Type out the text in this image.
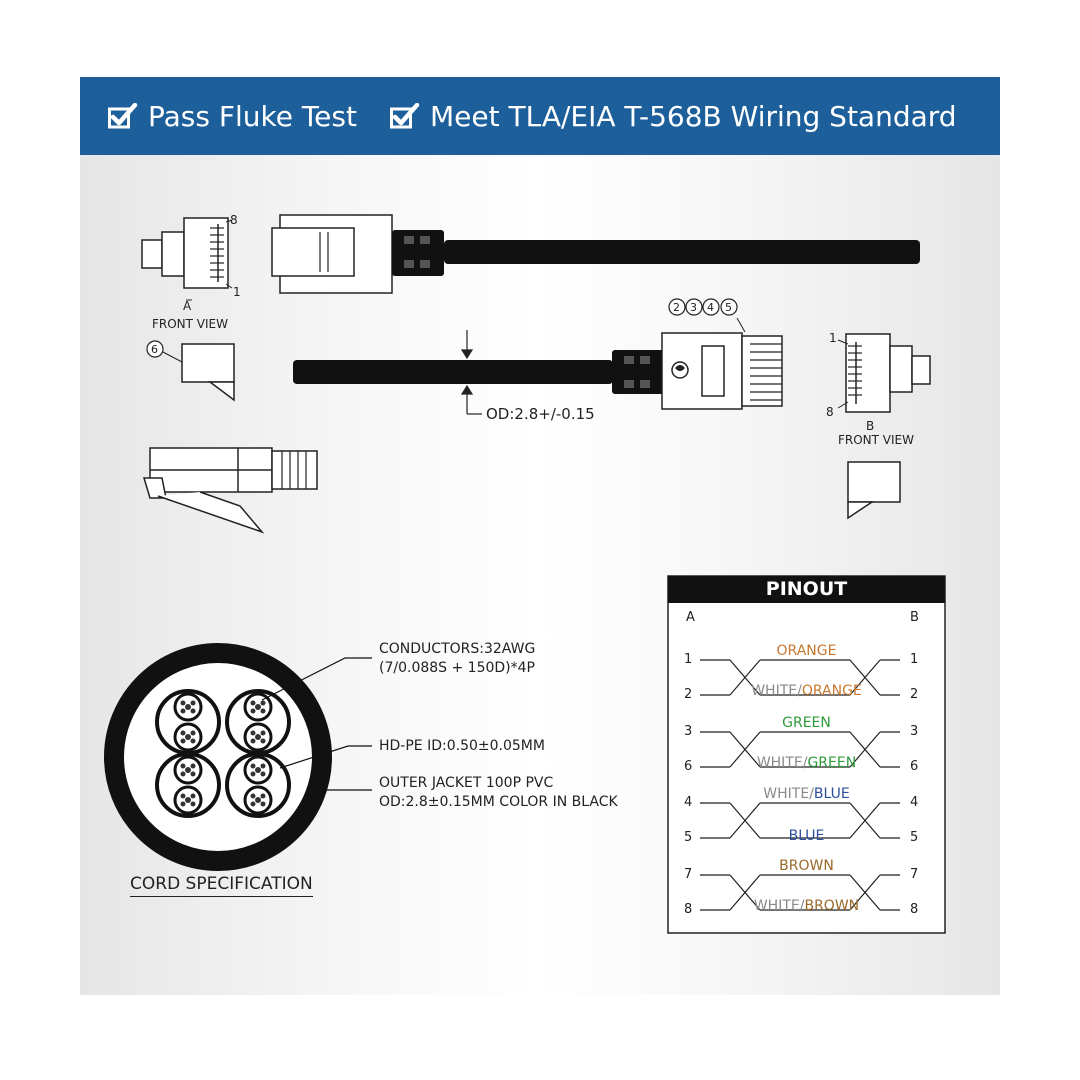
Pass Fluke Test	Meet TLA/EIA T-568B Wiring Standard
8
1
A
FRONT VIEW
6
2 3 4 5
OD:2.8+/-0.15
1
8
B
FRONT VIEW
PINOUT
CONDUCTORS:32AWG
(7/0.088S + 150D)*4P
HD-PE ID:0.50±0.05MM
OUTER JACKET 100P PVC
OD:2.8±0.15MM COLOR IN BLACK
CORD SPECIFICATION
A	B
1
2
1
2
ORANGE
WHITE/ORANGE
3
6
3
6
GREEN
WHITE/GREEN
4
5
4
5
BLUE
WHITE/BLUE
7
8
7
8
BROWN
WHITE/BROWN
